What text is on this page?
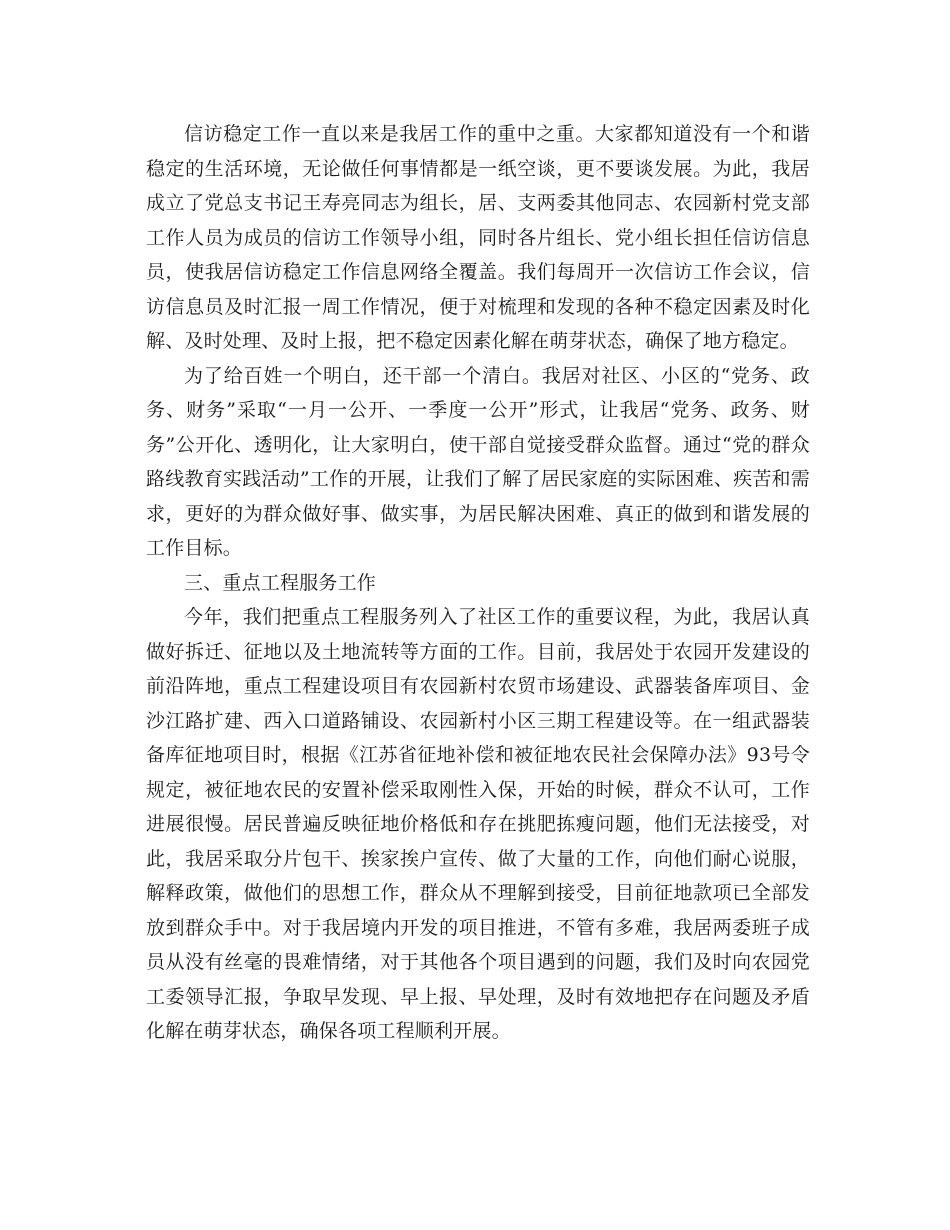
信访稳定工作一直以来是我居工作的重中之重。大家都知道没有一个和谐稳定的生活环境，无论做任何事情都是一纸空谈，更不要谈发展。为此，我居成立了党总支书记王寿亮同志为组长，居、支两委其他同志、农园新村党支部工作人员为成员的信访工作领导小组，同时各片组长、党小组长担任信访信息员，使我居信访稳定工作信息网络全覆盖。我们每周开一次信访工作会议，信访信息员及时汇报一周工作情况，便于对梳理和发现的各种不稳定因素及时化解、及时处理、及时上报，把不稳定因素化解在萌芽状态，确保了地方稳定。

为了给百姓一个明白，还干部一个清白。我居对社区、小区的“党务、政务、财务”采取“一月一公开、一季度一公开”形式，让我居“党务、政务、财务”公开化、透明化，让大家明白，使干部自觉接受群众监督。通过“党的群众路线教育实践活动”工作的开展，让我们了解了居民家庭的实际困难、疾苦和需求，更好的为群众做好事、做实事，为居民解决困难、真正的做到和谐发展的工作目标。

三、重点工程服务工作

今年，我们把重点工程服务列入了社区工作的重要议程，为此，我居认真做好拆迁、征地以及土地流转等方面的工作。目前，我居处于农园开发建设的前沿阵地，重点工程建设项目有农园新村农贸市场建设、武器装备库项目、金沙江路扩建、西入口道路铺设、农园新村小区三期工程建设等。在一组武器装备库征地项目时，根据《江苏省征地补偿和被征地农民社会保障办法》93号令规定，被征地农民的安置补偿采取刚性入保，开始的时候，群众不认可，工作进展很慢。居民普遍反映征地价格低和存在挑肥拣瘦问题，他们无法接受，对此，我居采取分片包干、挨家挨户宣传、做了大量的工作，向他们耐心说服，解释政策，做他们的思想工作，群众从不理解到接受，目前征地款项已全部发放到群众手中。对于我居境内开发的项目推进，不管有多难，我居两委班子成员从没有丝毫的畏难情绪，对于其他各个项目遇到的问题，我们及时向农园党工委领导汇报，争取早发现、早上报、早处理，及时有效地把存在问题及矛盾化解在萌芽状态，确保各项工程顺利开展。
